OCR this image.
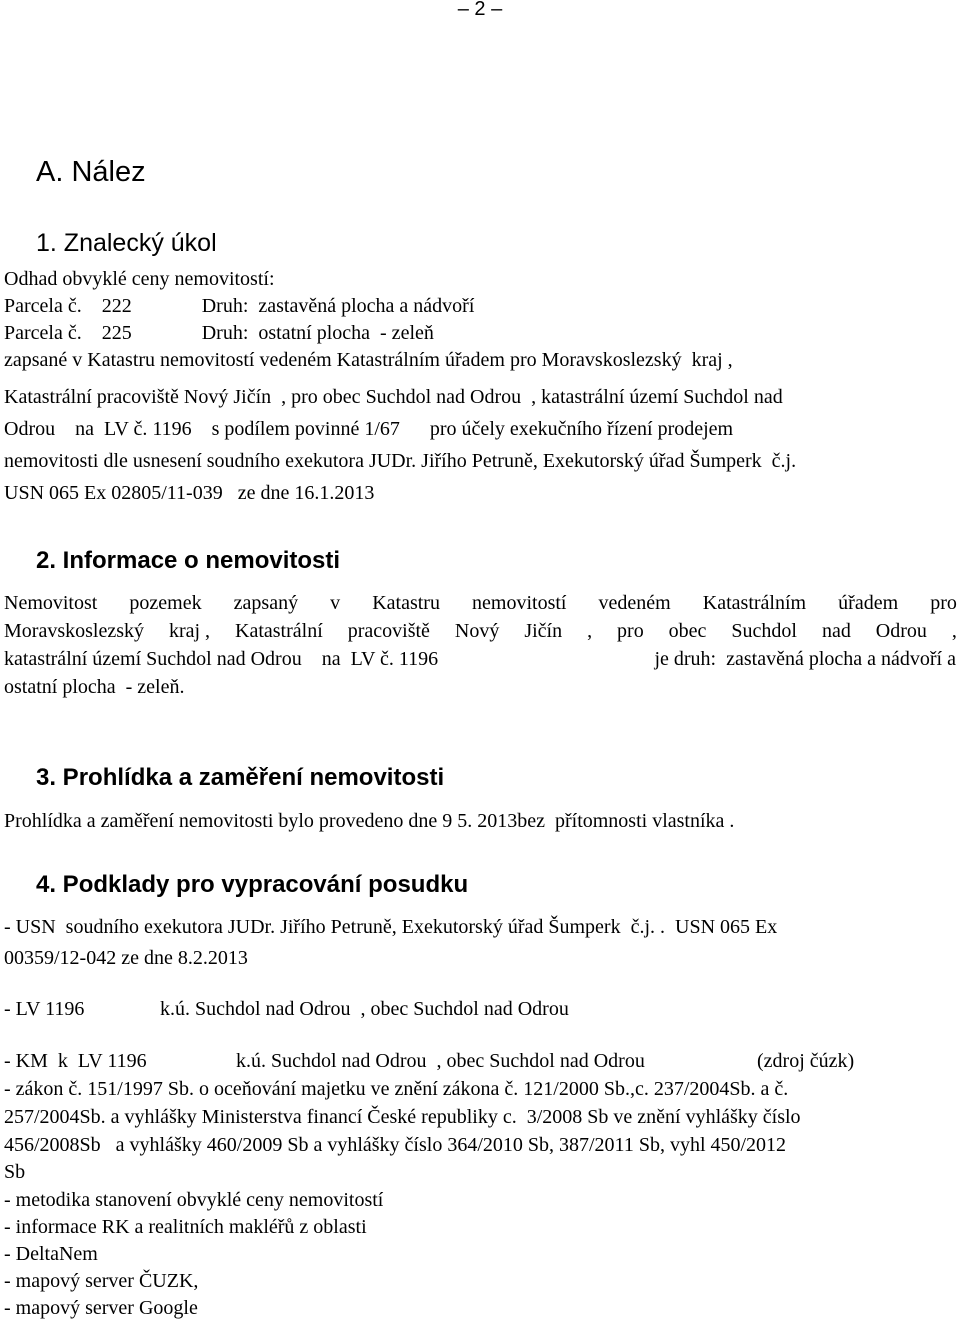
– 2 –
A. Nález
1. Znalecký úkol
Odhad obvyklé ceny nemovitostí:
Parcela č.    222              Druh:  zastavěná plocha a nádvoří
Parcela č.    225              Druh:  ostatní plocha  - zeleň
zapsané v Katastru nemovitostí vedeném Katastrálním úřadem pro Moravskoslezský  kraj ,
Katastrální pracoviště Nový Jičín  , pro obec Suchdol nad Odrou  , katastrální území Suchdol nad
Odrou    na  LV č. 1196    s podílem povinné 1/67      pro účely exekučního řízení prodejem
nemovitosti dle usnesení soudního exekutora JUDr. Jiřího Petruně, Exekutorský úřad Šumperk  č.j.
USN 065 Ex 02805/11-039   ze dne 16.1.2013
2. Informace o nemovitosti
Nemovitost pozemek zapsaný v Katastru nemovitostí vedeném Katastrálním úřadem pro
Moravskoslezský kraj , Katastrální pracoviště Nový Jičín , pro obec Suchdol nad Odrou ,
katastrální území Suchdol nad Odrou    na  LV č. 1196	je druh:  zastavěná plocha a nádvoří a
ostatní plocha  - zeleň.
3. Prohlídka a zaměření nemovitosti
Prohlídka a zaměření nemovitosti bylo provedeno dne 9 5. 2013bez  přítomnosti vlastníka .
4. Podklady pro vypracování posudku
- USN  soudního exekutora JUDr. Jiřího Petruně, Exekutorský úřad Šumperk  č.j. .  USN 065 Ex
00359/12-042 ze dne 8.2.2013
- LV 1196	k.ú. Suchdol nad Odrou  , obec Suchdol nad Odrou
- KM  k  LV 1196	k.ú. Suchdol nad Odrou  , obec Suchdol nad Odrou	(zdroj čúzk)
- zákon č. 151/1997 Sb. o oceňování majetku ve znění zákona č. 121/2000 Sb.,c. 237/2004Sb. a č.
257/2004Sb. a vyhlášky Ministerstva financí České republiky c.  3/2008 Sb ve znění vyhlášky číslo
456/2008Sb   a vyhlášky 460/2009 Sb a vyhlášky číslo 364/2010 Sb, 387/2011 Sb, vyhl 450/2012
Sb
- metodika stanovení obvyklé ceny nemovitostí
- informace RK a realitních makléřů z oblasti
- DeltaNem
- mapový server ČUZK,
- mapový server Google
